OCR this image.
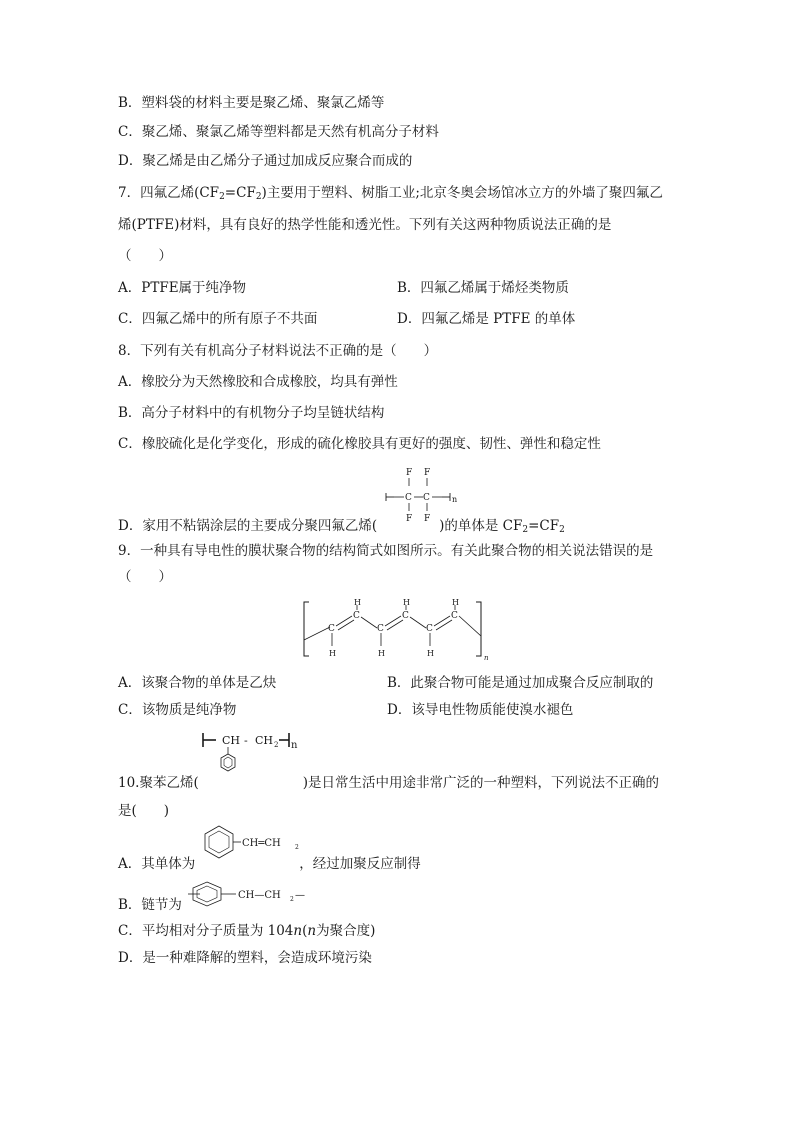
B．塑料袋的材料主要是聚乙烯、聚氯乙烯等
C．聚乙烯、聚氯乙烯等塑料都是天然有机高分子材料
D．聚乙烯是由乙烯分子通过加成反应聚合而成的
7．四氟乙烯$(CF_2=CF_2)$主要用于塑料、树脂工业;北京冬奥会场馆冰立方的外墙了聚四氟乙
烯(PTFE)材料，具有良好的热学性能和透光性。下列有关这两种物质说法正确的是
（　　）
A．PTFE属于纯净物	B．四氟乙烯属于烯烃类物质
C．四氟乙烯中的所有原子不共面	D．四氟乙烯是 PTFE 的单体
8．下列有关有机高分子材料说法不正确的是（　　）
A．橡胶分为天然橡胶和合成橡胶，均具有弹性
B．高分子材料中的有机物分子均呈链状结构
C．橡胶硫化是化学变化，形成的硫化橡胶具有更好的强度、韧性、弹性和稳定性
F F
C C	n
F F
D．家用不粘锅涂层的主要成分聚四氟乙烯(	)的单体是 $CF_2=CF_2$
9．一种具有导电性的膜状聚合物的结构简式如图所示。有关此聚合物的相关说法错误的是
（　　）
n
C
C
C
C
C
C
H
H
H
H
H
H
A．该聚合物的单体是乙炔	B．此聚合物可能是通过加成聚合反应制取的
C．该物质是纯净物	D．该导电性物质能使溴水褪色
CH - CH 2 n
10.聚苯乙烯(	)是日常生活中用途非常广泛的一种塑料，下列说法不正确的
是(　　)
CH═CH 2
A．其单体为	，经过加聚反应制得
CH—CH 2 —
B．链节为
C．平均相对分子质量为 104n(n为聚合度)
D．是一种难降解的塑料，会造成环境污染
